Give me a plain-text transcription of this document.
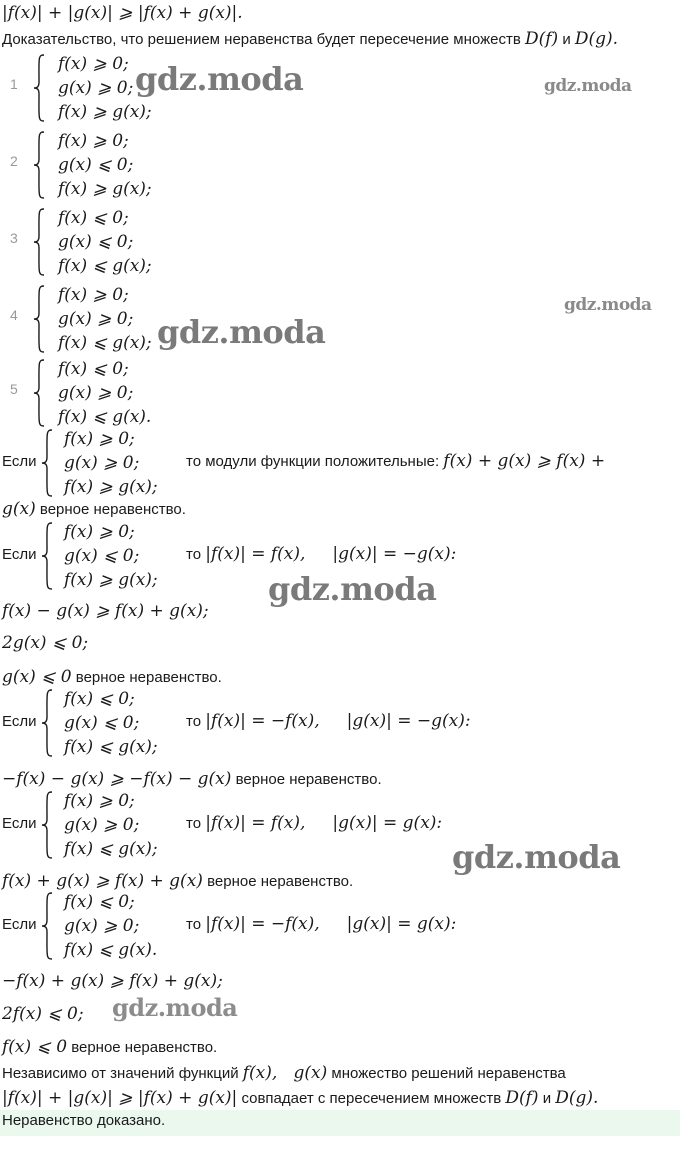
|f(x)| + |g(x)| ⩾ |f(x) + g(x)|.
Доказательство, что решением неравенства будет пересечение множеств D(f) и D(g).
1
f(x) ⩾ 0;
g(x) ⩾ 0;
f(x) ⩾ g(x);
2
f(x) ⩾ 0;
g(x) ⩽ 0;
f(x) ⩾ g(x);
3
f(x) ⩽ 0;
g(x) ⩽ 0;
f(x) ⩽ g(x);
4
f(x) ⩾ 0;
g(x) ⩾ 0;
f(x) ⩽ g(x);
5
f(x) ⩽ 0;
g(x) ⩾ 0;
f(x) ⩽ g(x).
Если
f(x) ⩾ 0;
g(x) ⩾ 0;
f(x) ⩾ g(x);
то модули функции положительные: f(x) + g(x) ⩾ f(x) +
Если
f(x) ⩾ 0;
g(x) ⩽ 0;
f(x) ⩾ g(x);
то |f(x)| = f(x),     |g(x)| = −g(x):
Если
f(x) ⩽ 0;
g(x) ⩽ 0;
f(x) ⩽ g(x);
то |f(x)| = −f(x),     |g(x)| = −g(x):
Если
f(x) ⩾ 0;
g(x) ⩾ 0;
f(x) ⩽ g(x);
то |f(x)| = f(x),     |g(x)| = g(x):
Если
f(x) ⩽ 0;
g(x) ⩾ 0;
f(x) ⩽ g(x).
то |f(x)| = −f(x),     |g(x)| = g(x):
g(x) верное неравенство.
f(x) − g(x) ⩾ f(x) + g(x);
2g(x) ⩽ 0;
g(x) ⩽ 0 верное неравенство.
−f(x) − g(x) ⩾ −f(x) − g(x) верное неравенство.
f(x) + g(x) ⩾ f(x) + g(x) верное неравенство.
−f(x) + g(x) ⩾ f(x) + g(x);
2f(x) ⩽ 0;
f(x) ⩽ 0 верное неравенство.
Независимо от значений функций f(x),   g(x) множество решений неравенства
|f(x)| + |g(x)| ⩾ |f(x) + g(x)| совпадает с пересечением множеств D(f) и D(g).
Неравенство доказано.
gdz.moda	gdz.moda
gdz.moda
gdz.moda
gdz.moda
gdz.moda
gdz.moda
